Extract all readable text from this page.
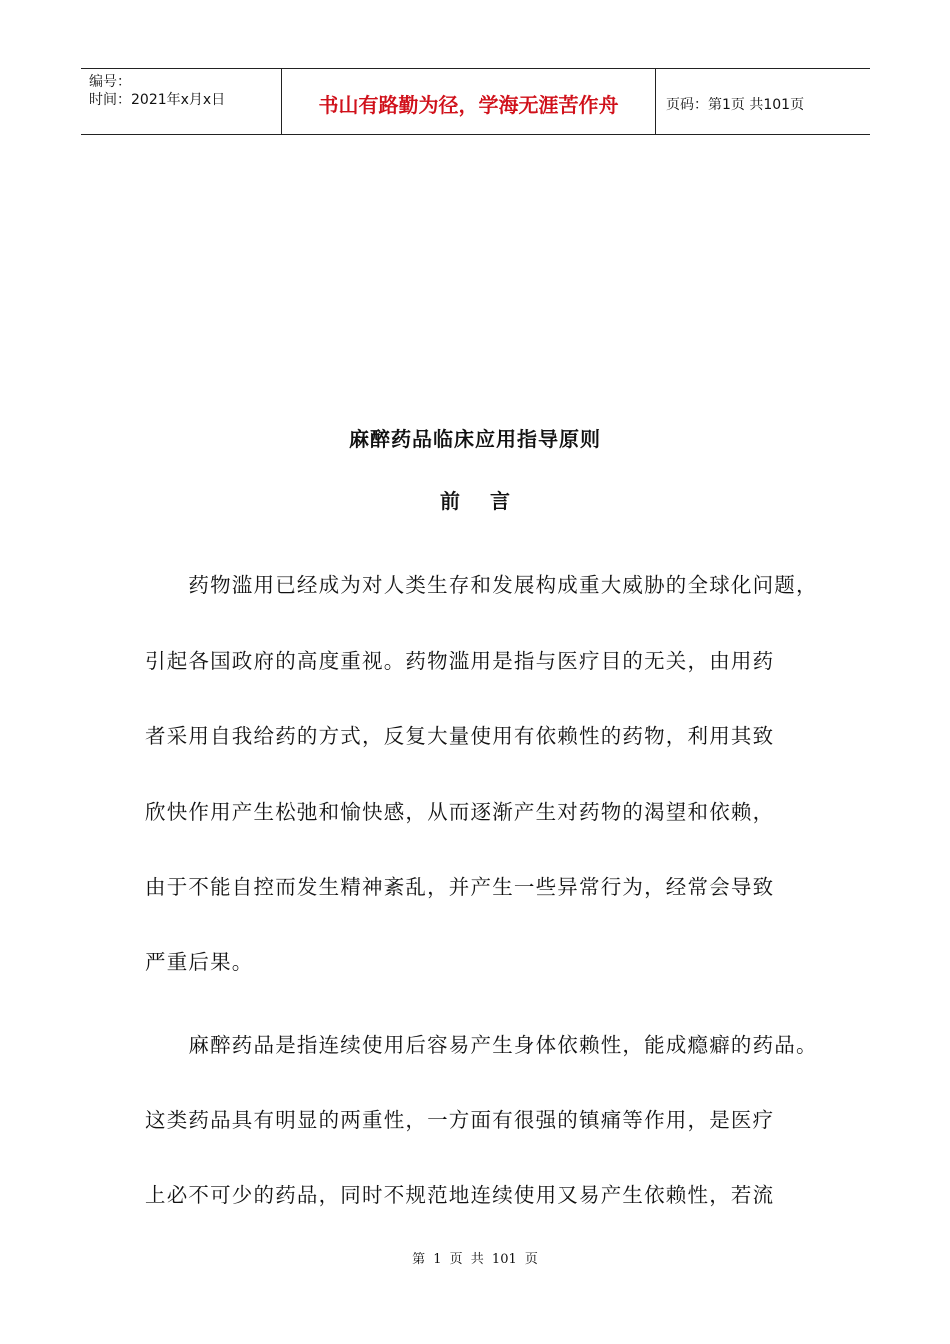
编号：
时间：2021年x月x日	书山有路勤为径，学海无涯苦作舟	页码：第1页 共101页
麻醉药品临床应用指导原则
前言
　　药物滥用已经成为对人类生存和发展构成重大威胁的全球化问题，
引起各国政府的高度重视。药物滥用是指与医疗目的无关，由用药
者采用自我给药的方式，反复大量使用有依赖性的药物，利用其致
欣快作用产生松弛和愉快感，从而逐渐产生对药物的渴望和依赖，
由于不能自控而发生精神紊乱，并产生一些异常行为，经常会导致
严重后果。
　　麻醉药品是指连续使用后容易产生身体依赖性，能成瘾癖的药品。
这类药品具有明显的两重性，一方面有很强的镇痛等作用，是医疗
上必不可少的药品，同时不规范地连续使用又易产生依赖性，若流
第 1 页 共 101 页
